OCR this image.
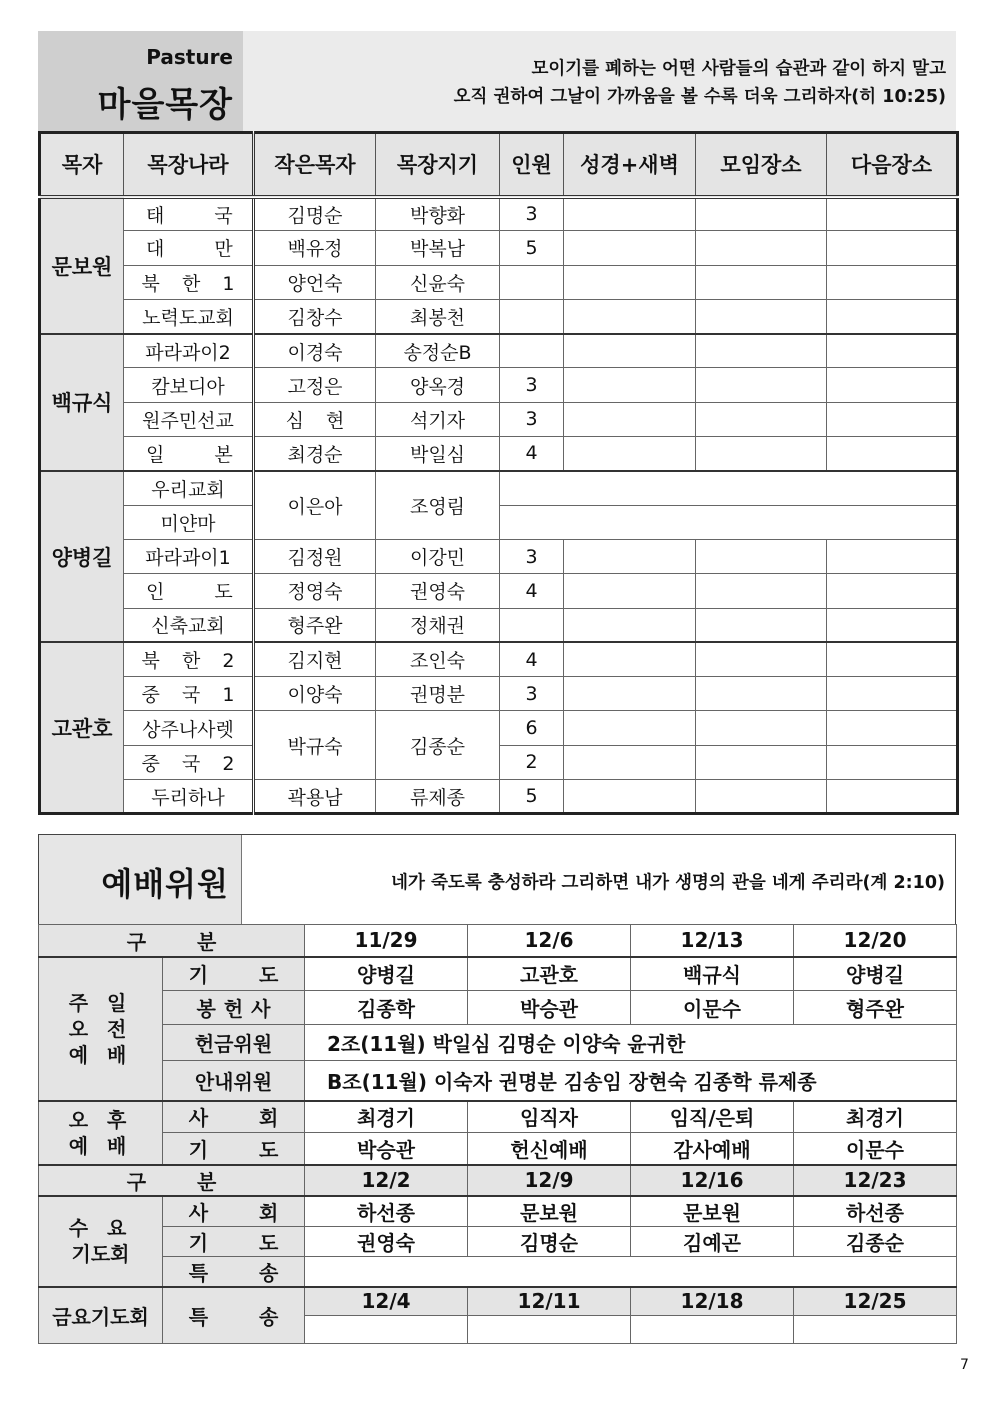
Pasture
마을목장
모이기를 폐하는 어떤 사람들의 습관과 같이 하지 말고
오직 권하여 그날이 가까움을 볼 수록 더욱 그리하자(히 10:25)
목자	목장나라	작은목자	목장지기	인원	성경+새벽	모임장소	다음장소
문보원	태 국	김명순	박향화	3			
	대 만	백유정	박복남	5			
	북 한 1	양언숙	신윤숙				
	노력도교회	김창수	최봉천				
백규식	파라과이2	이경숙	송정순B				
	캄보디아	고정은	양옥경	3			
	원주민선교	심 현	석기자	3			
	일 본	최경순	박일심	4			
양병길	우리교회	이은아	조영림				
	미얀마						
	파라과이1	김정원	이강민	3			
	인 도	정영숙	권영숙	4			
	신축교회	형주완	정채권				
고관호	북 한 2	김지현	조인숙	4			
	중 국 1	이양숙	권명분	3			
	상주나사렛	박규숙	김종순	6			
	중 국 2			2			
	두리하나	곽용남	류제종	5			
예배위원	네가 죽도록 충성하라 그리하면 내가 생명의 관을 네게 주리라(계 2:10)
구 분		11/29	12/6	12/13	12/20

주 일
오 전
예 배	기 도	양병길	고관호	백규식	양병길
	봉헌사	김종학	박승관	이문수	형주완
	헌금위원	2조(11월) 박일심 김명순 이양숙 윤귀한			
	안내위원	B조(11월) 이숙자 권명분 김송임 장현숙 김종학 류제종			

오 후
예 배	사 회	최경기	임직자	임직/은퇴	최경기
	기 도	박승관	헌신예배	감사예배	이문수
구 분		12/2	12/9	12/16	12/23

수 요
기도회	사 회	하선종	문보원	문보원	하선종
	기 도	권영숙	김명순	김예곤	김종순
	특 송				
금요기도회	특 송	12/4	12/11	12/18	12/25

7
